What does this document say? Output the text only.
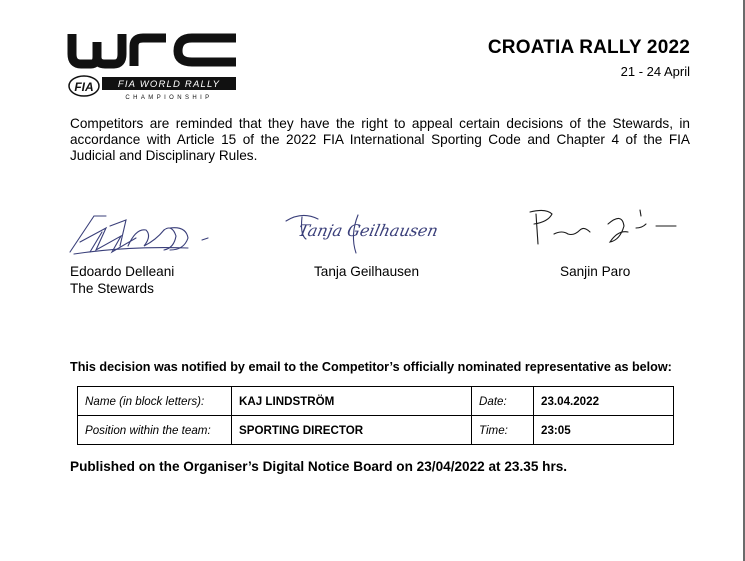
FIA	FIA WORLD RALLY
CHAMPIONSHIP
CROATIA RALLY 2022
21 - 24 April
Competitors are reminded that they have the right to appeal certain decisions of the Stewards, in accordance with Article 15 of the 2022 FIA International Sporting Code and Chapter 4 of the FIA Judicial and Disciplinary Rules.
Tanja Geilhausen
Edoardo Delleani
The Stewards
Tanja Geilhausen	Sanjin Paro
This decision was notified by email to the Competitor’s officially nominated representative as below:
Name (in block letters):	KAJ LINDSTRÖM	Date:	23.04.2022
Position within the team:	SPORTING DIRECTOR	Time:	23:05
Published on the Organiser’s Digital Notice Board on 23/04/2022 at 23.35 hrs.
